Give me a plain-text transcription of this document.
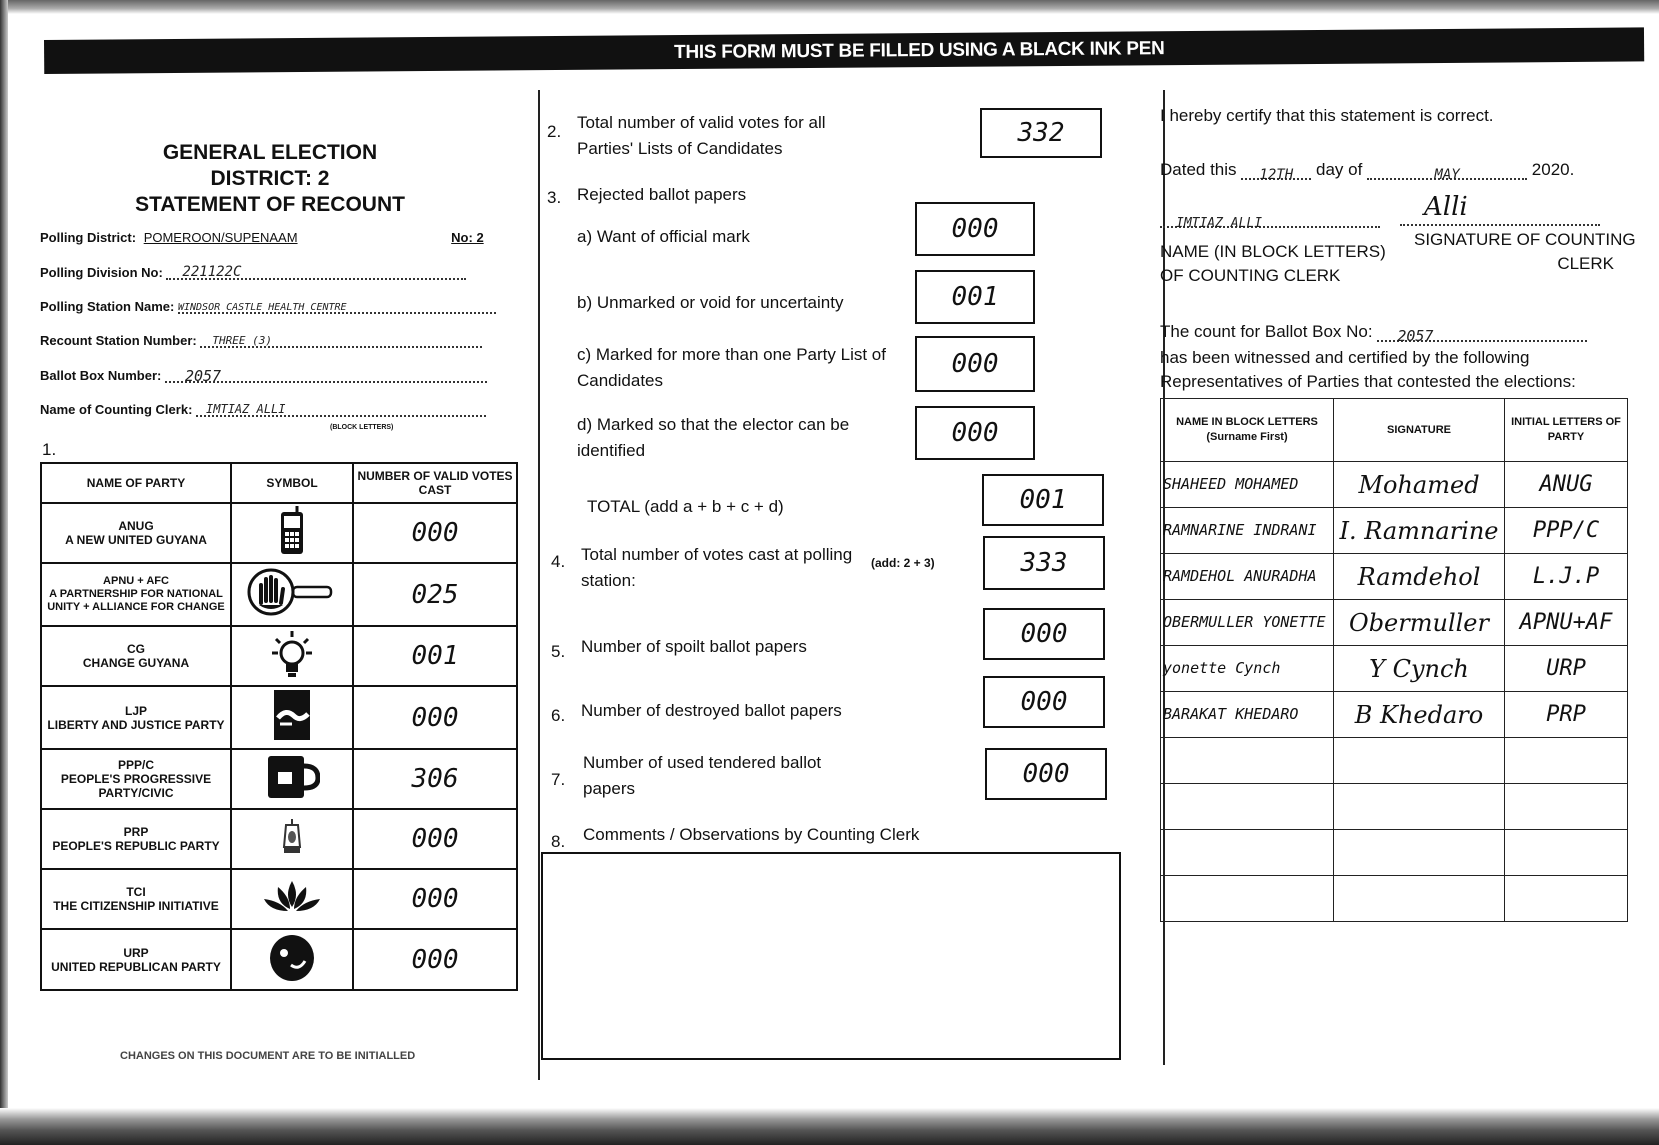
THIS FORM MUST BE FILLED USING A BLACK INK PEN
GENERAL ELECTION
DISTRICT: 2
STATEMENT OF RECOUNT
Polling District: POMEROON/SUPENAAM	No: 2
Polling Division No: 221122C
Polling Station Name: WINDSOR CASTLE HEALTH CENTRE
Recount Station Number: THREE (3)
Ballot Box Number: 2057
Name of Counting Clerk: IMTIAZ ALLI
(BLOCK LETTERS)
1.
NAME OF PARTY	SYMBOL	NUMBER OF VALID VOTES CAST

ANUG
A NEW UNITED GUYANA		000

APNU + AFC
A PARTNERSHIP FOR NATIONAL UNITY + ALLIANCE FOR CHANGE		025

CG
CHANGE GUYANA		001

LJP
LIBERTY AND JUSTICE PARTY		000

PPP/C
PEOPLE'S PROGRESSIVE PARTY/CIVIC		306

PRP
PEOPLE'S REPUBLIC PARTY		000

TCI
THE CITIZENSHIP INITIATIVE		000

URP
UNITED REPUBLICAN PARTY		000
CHANGES ON THIS DOCUMENT ARE TO BE INITIALLED
2. Total number of valid votes for all
Parties' Lists of Candidates
332
3. Rejected ballot papers
a) Want of official mark	000
b) Unmarked or void for uncertainty	001
c) Marked for more than one Party List of
Candidates
000
d) Marked so that the elector can be
identified
000
TOTAL (add a + b + c + d)	001
4. Total number of votes cast at polling
station:
(add: 2 + 3)	333
5. Number of spoilt ballot papers	000
6. Number of destroyed ballot papers	000
7.
Number of used tendered ballot
papers	000
8. Comments / Observations by Counting Clerk
I hereby certify that this statement is correct.
Dated this 12TH day of	MAY	2020.
IMTIAZ ALLI
Alli
NAME (IN BLOCK LETTERS)
OF COUNTING CLERK
SIGNATURE OF COUNTING
CLERK
The count for Ballot Box No: 2057
has been witnessed and certified by the following
Representatives of Parties that contested the elections:
NAME IN BLOCK LETTERS (Surname First)	SIGNATURE	INITIAL LETTERS OF PARTY
SHAHEED MOHAMED	Mohamed	ANUG
RAMNARINE INDRANI	I. Ramnarine	PPP/C
RAMDEHOL ANURADHA	Ramdehol	L.J.P
OBERMULLER YONETTE	Obermuller	APNU+AF
yonette Cynch	Y Cynch	URP
BARAKAT KHEDARO	B Khedaro	PRP
